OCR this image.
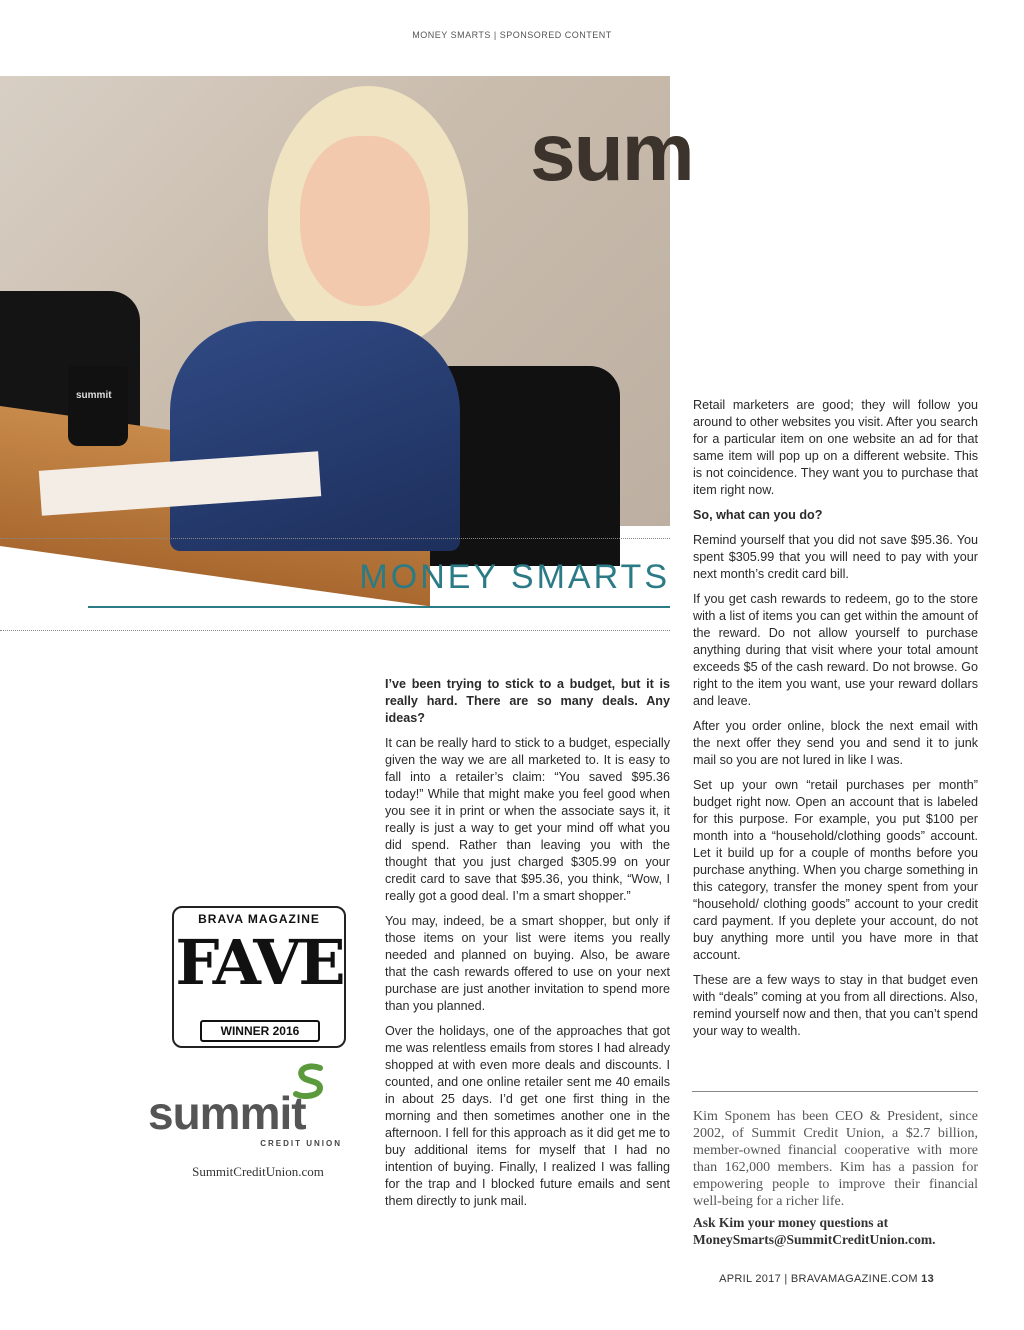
MONEY SMARTS | SPONSORED CONTENT
sum
summit
MONEY SMARTS

I’ve been trying to stick to a budget, but it is really hard. There are so many deals. Any ideas?

It can be really hard to stick to a budget, especially given the way we are all marketed to. It is easy to fall into a retailer’s claim: “You saved $95.36 today!” While that might make you feel good when you see it in print or when the associate says it, it really is just a way to get your mind off what you did spend. Rather than leaving you with the thought that you just charged $305.99 on your credit card to save that $95.36, you think, “Wow, I really got a good deal. I’m a smart shopper.”

You may, indeed, be a smart shopper, but only if those items on your list were items you really needed and planned on buying. Also, be aware that the cash rewards offered to use on your next purchase are just another invitation to spend more than you planned.

Over the holidays, one of the approaches that got me was relentless emails from stores I had already shopped at with even more deals and discounts. I counted, and one online retailer sent me 40 emails in about 25 days. I’d get one first thing in the morning and then sometimes another one in the afternoon. I fell for this approach as it did get me to buy additional items for myself that I had no intention of buying. Finally, I realized I was falling for the trap and I blocked future emails and sent them directly to junk mail.

Retail marketers are good; they will follow you around to other websites you visit. After you search for a particular item on one website an ad for that same item will pop up on a different website. This is not coincidence. They want you to purchase that item right now.

So, what can you do?

Remind yourself that you did not save $95.36. You spent $305.99 that you will need to pay with your next month’s credit card bill.

If you get cash rewards to redeem, go to the store with a list of items you can get within the amount of the reward. Do not allow yourself to purchase anything during that visit where your total amount exceeds $5 of the cash reward. Do not browse. Go right to the item you want, use your reward dollars and leave.

After you order online, block the next email with the next offer they send you and send it to junk mail so you are not lured in like I was.

Set up your own “retail purchases per month” budget right now. Open an account that is labeled for this purpose. For example, you put $100 per month into a “household/clothing goods” account. Let it build up for a couple of months before you purchase anything. When you charge something in this category, transfer the money spent from your “household/ clothing goods” account to your credit card payment. If you deplete your account, do not buy anything more until you have more in that account.

These are a few ways to stay in that budget even with “deals” coming at you from all directions. Also, remind yourself now and then, that you can’t spend your way to wealth.

BRAVA MAGAZINE
FAVE
WINNER 2016
summit
CREDIT UNION
SummitCreditUnion.com
Kim Sponem has been CEO & President, since 2002, of Summit Credit Union, a $2.7 billion, member-owned financial cooperative with more than 162,000 members. Kim has a passion for empowering people to improve their financial well-being for a richer life.
Ask Kim your money questions at MoneySmarts@SummitCreditUnion.com.
APRIL 2017 | BRAVAMAGAZINE.COM 13
